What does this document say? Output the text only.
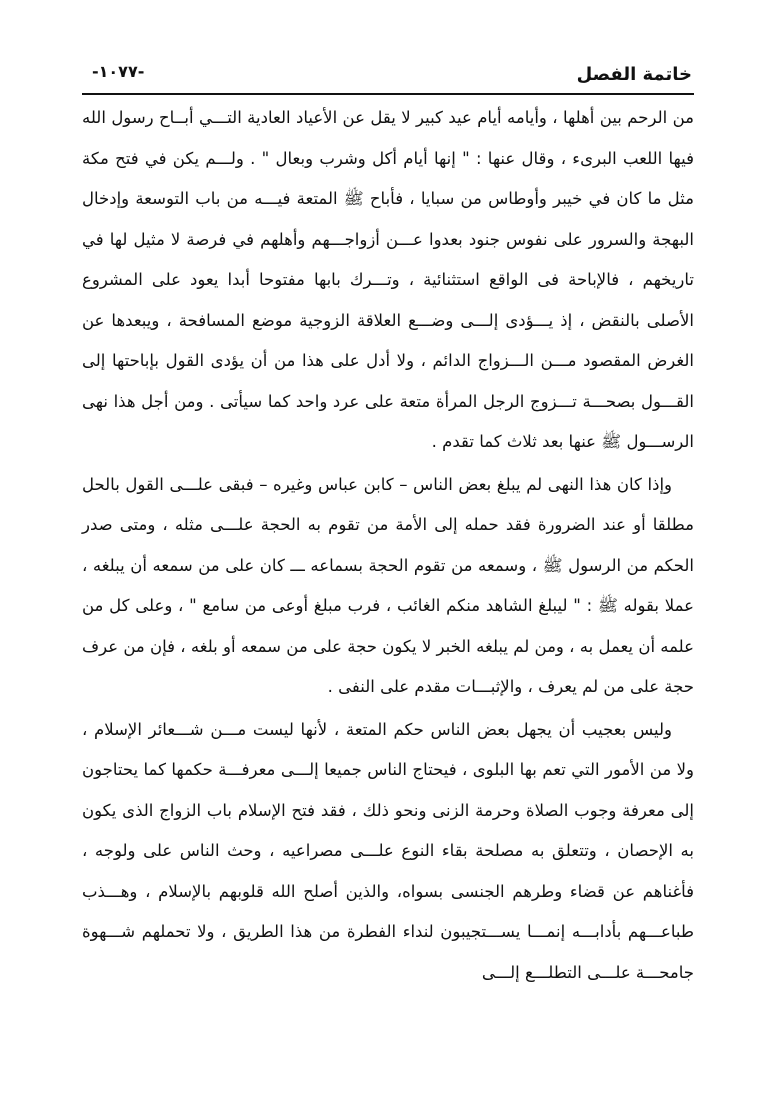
خاتمة الفصل
-١٠٧٧-

من الرحم بين أهلها ، وأيامه أيام عيد كبير لا يقل عن الأعياد العادية التـــي أبــاح رسول الله فيها اللعب البرىء ، وقال عنها : " إنها أيام أكل وشرب وبعال " . ولـــم يكن في فتح مكة مثل ما كان في خيبر وأوطاس من سبايا ، فأباح ﷺ المتعة فيـــه من باب التوسعة وإدخال البهجة والسرور على نفوس جنود بعدوا عـــن أزواجـــهم وأهلهم في فرصة لا مثيل لها في تاريخهم ، فالإباحة فى الواقع استثنائية ، وتـــرك بابها مفتوحا أبدا يعود على المشروع الأصلى بالنقض ، إذ يـــؤدى إلـــى وضـــع العلاقة الزوجية موضع المسافحة ، ويبعدها عن الغرض المقصود مـــن الـــزواج الدائم ، ولا أدل على هذا من أن يؤدى القول بإباحتها إلى القـــول بصحـــة تـــزوج الرجل المرأة متعة على عرد واحد كما سيأتى . ومن أجل هذا نهى الرســـول ﷺ عنها بعد ثلاث كما تقدم .

وإذا كان هذا النهى لم يبلغ بعض الناس – كابن عباس وغيره – فبقى علـــى القول بالحل مطلقا أو عند الضرورة فقد حمله إلى الأمة من تقوم به الحجة علـــى مثله ، ومتى صدر الحكم من الرسول ﷺ ، وسمعه من تقوم الحجة بسماعه ـــ كان على من سمعه أن يبلغه ، عملا بقوله ﷺ : " ليبلغ الشاهد منكم الغائب ، فرب مبلغ أوعى من سامع " ، وعلى كل من علمه أن يعمل به ، ومن لم يبلغه الخبر لا يكون حجة على من سمعه أو بلغه ، فإن من عرف حجة على من لم يعرف ، والإثبـــات مقدم على النفى .

وليس بعجيب أن يجهل بعض الناس حكم المتعة ، لأنها ليست مـــن شـــعائر الإسلام ، ولا من الأمور التي تعم بها البلوى ، فيحتاج الناس جميعا إلـــى معرفـــة حكمها كما يحتاجون إلى معرفة وجوب الصلاة وحرمة الزنى ونحو ذلك ، فقد فتح الإسلام باب الزواج الذى يكون به الإحصان ، وتتعلق به مصلحة بقاء النوع علـــى مصراعيه ، وحث الناس على ولوجه ، فأغناهم عن قضاء وطرهم الجنسى بسواه، والذين أصلح الله قلوبهم بالإسلام ، وهـــذب طباعـــهم بأدابـــه إنمـــا يســـتجيبون لنداء الفطرة من هذا الطريق ، ولا تحملهم شـــهوة جامحـــة علـــى التطلـــع إلـــى
